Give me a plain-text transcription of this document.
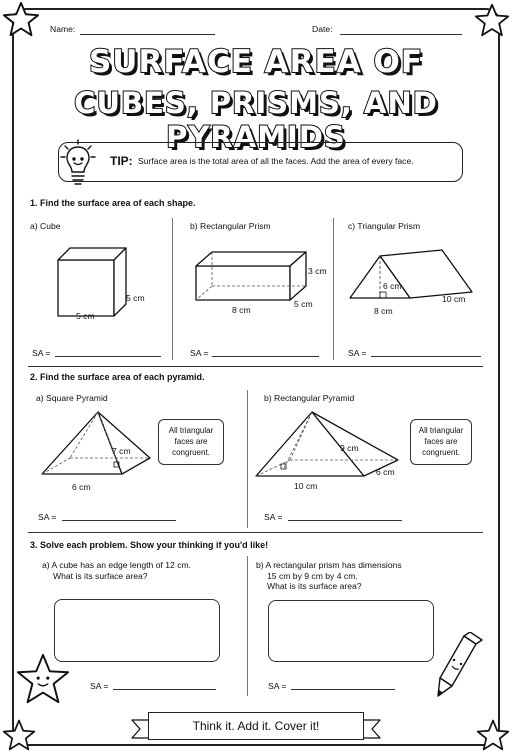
Name:	Date:
SURFACE AREA OF
CUBES, PRISMS, AND PYRAMIDS
TIP: Surface area is the total area of all the faces. Add the area of every face.
1. Find the surface area of each shape.
a) Cube
5 cm
5 cm
SA =
b) Rectangular Prism
3 cm
5 cm
8 cm
SA =
c) Triangular Prism
6 cm
8 cm
10 cm
SA =
2. Find the surface area of each pyramid.
a) Square Pyramid
7 cm
6 cm
All triangular
faces are
congruent.
SA =
b) Rectangular Pyramid
9 cm
10 cm
6 cm
All triangular
faces are
congruent.
SA =
3. Solve each problem. Show your thinking if you'd like!
a) A cube has an edge length of 12 cm.
What is its surface area?
SA =
b) A rectangular prism has dimensions
15 cm by 9 cm by 4 cm.
What is its surface area?
SA =
Think it. Add it. Cover it!
